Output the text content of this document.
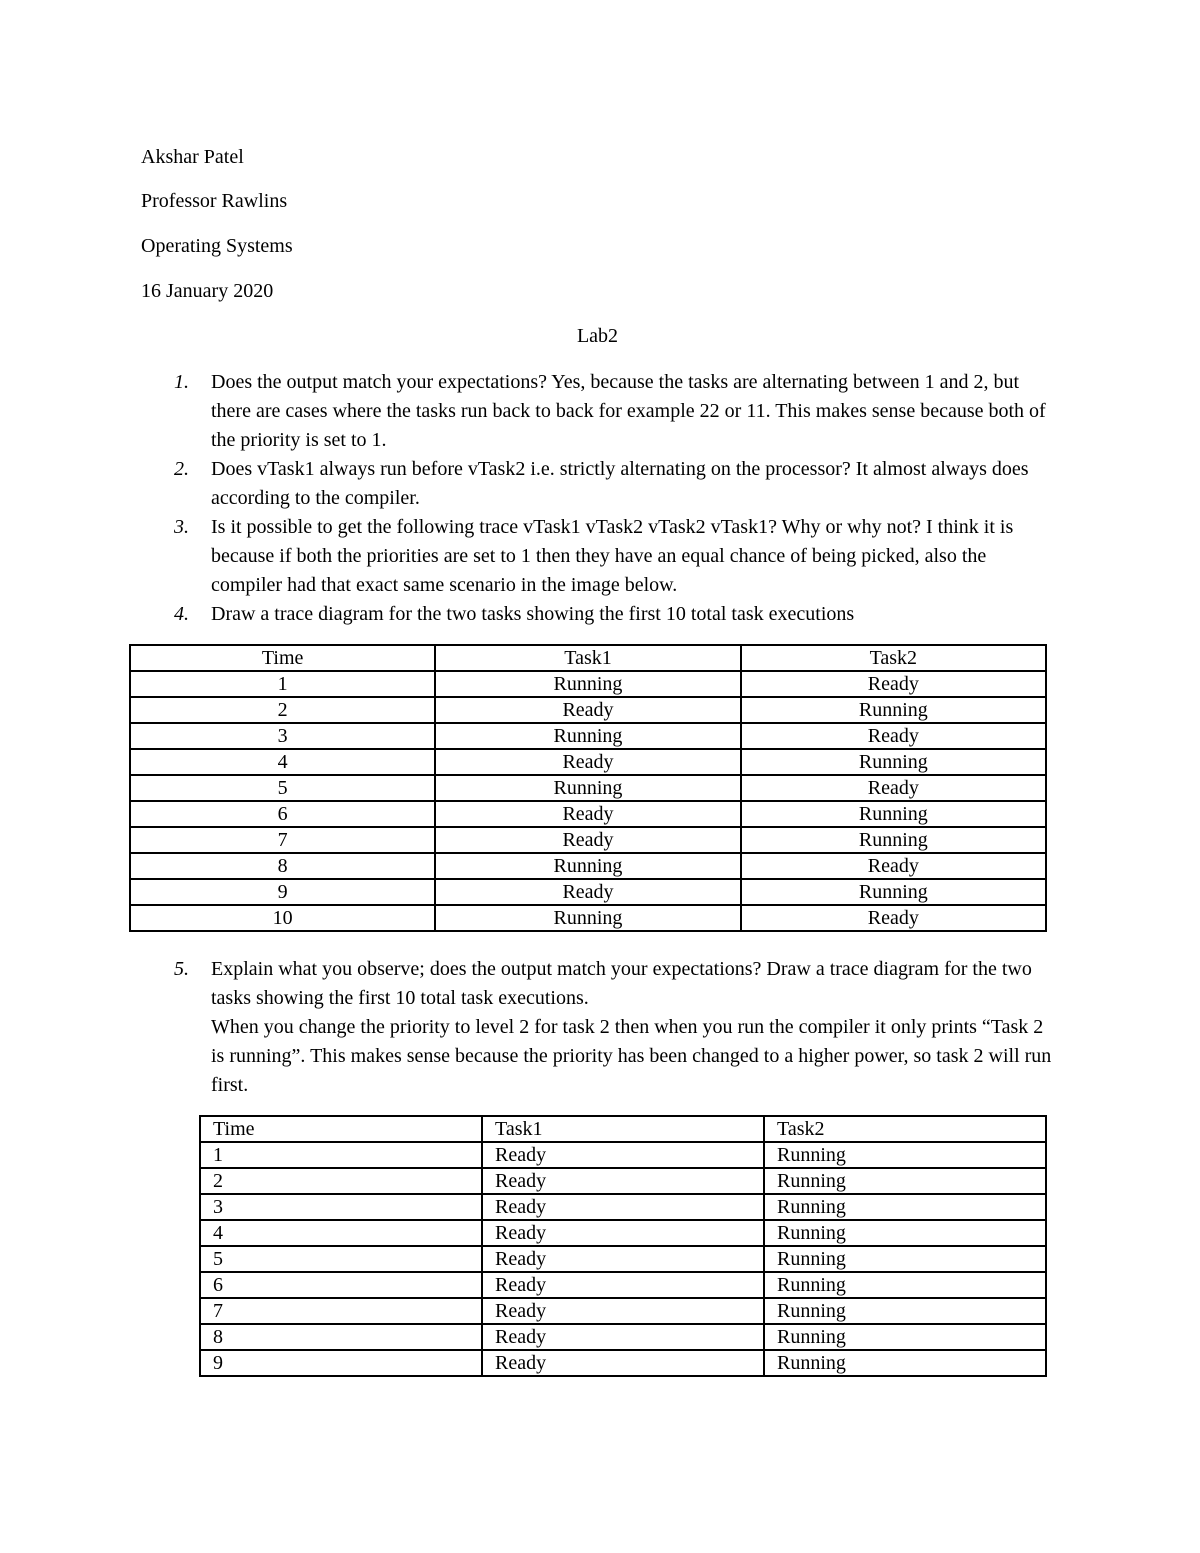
Akshar Patel
Professor Rawlins
Operating Systems
16 January 2020
Lab2
1. Does the output match your expectations? Yes, because the tasks are alternating between 1 and 2, but there are cases where the tasks run back to back for example 22 or 11. This makes sense because both of the priority is set to 1.

2. Does vTask1 always run before vTask2 i.e. strictly alternating on the processor? It almost always does according to the compiler.

3. Is it possible to get the following trace vTask1 vTask2 vTask2 vTask1? Why or why not? I think it is because if both the priorities are set to 1 then they have an equal chance of being picked, also the compiler had that exact same scenario in the image below.

4. Draw a trace diagram for the two tasks showing the first 10 total task executions

Time	Task1	Task2
1	Running	Ready
2	Ready	Running
3	Running	Ready
4	Ready	Running
5	Running	Ready
6	Ready	Running
7	Ready	Running
8	Running	Ready
9	Ready	Running
10	Running	Ready
5. Explain what you observe; does the output match your expectations? Draw a trace diagram for the two tasks showing the first 10 total task executions.

When you change the priority to level 2 for task 2 then when you run the compiler it only prints “Task 2 is running”. This makes sense because the priority has been changed to a higher power, so task 2 will run first.

Time	Task1	Task2
1	Ready	Running
2	Ready	Running
3	Ready	Running
4	Ready	Running
5	Ready	Running
6	Ready	Running
7	Ready	Running
8	Ready	Running
9	Ready	Running
